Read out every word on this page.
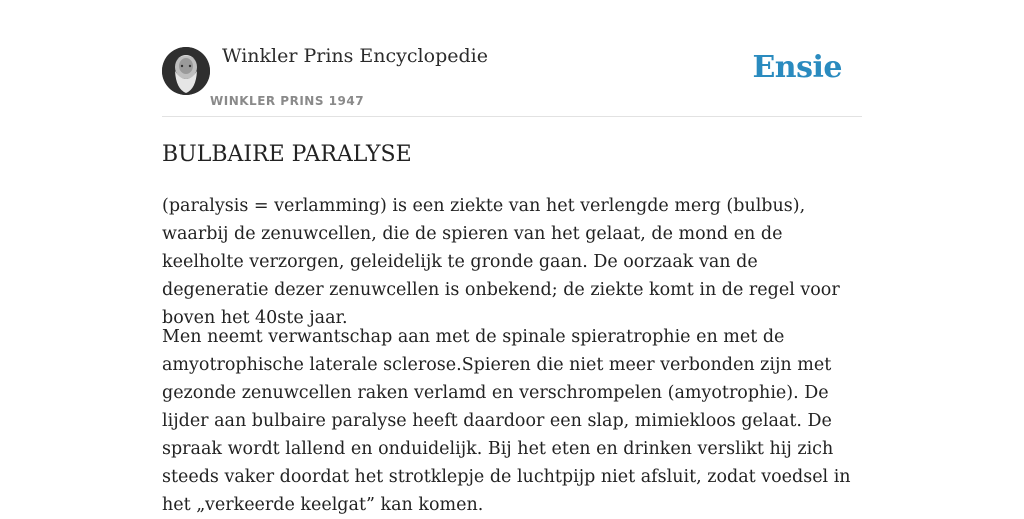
Winkler Prins Encyclopedie
WINKLER PRINS 1947
Ensie
BULBAIRE PARALYSE

(paralysis = verlamming) is een ziekte van het verlengde merg (bulbus), waarbij de zenuwcellen, die de spieren van het gelaat, de mond en de keelholte verzorgen, geleidelijk te gronde gaan. De oorzaak van de degeneratie dezer zenuwcellen is onbekend; de ziekte komt in de regel voor boven het 40ste jaar.

Men neemt verwantschap aan met de spinale spieratrophie en met de amyotrophische laterale sclerose.Spieren die niet meer verbonden zijn met gezonde zenuwcellen raken verlamd en verschrompelen (amyotrophie). De lijder aan bulbaire paralyse heeft daardoor een slap, mimiekloos gelaat. De spraak wordt lallend en onduidelijk. Bij het eten en drinken verslikt hij zich steeds vaker doordat het strotklepje de luchtpijp niet afsluit, zodat voedsel in het „verkeerde keelgat” kan komen.
